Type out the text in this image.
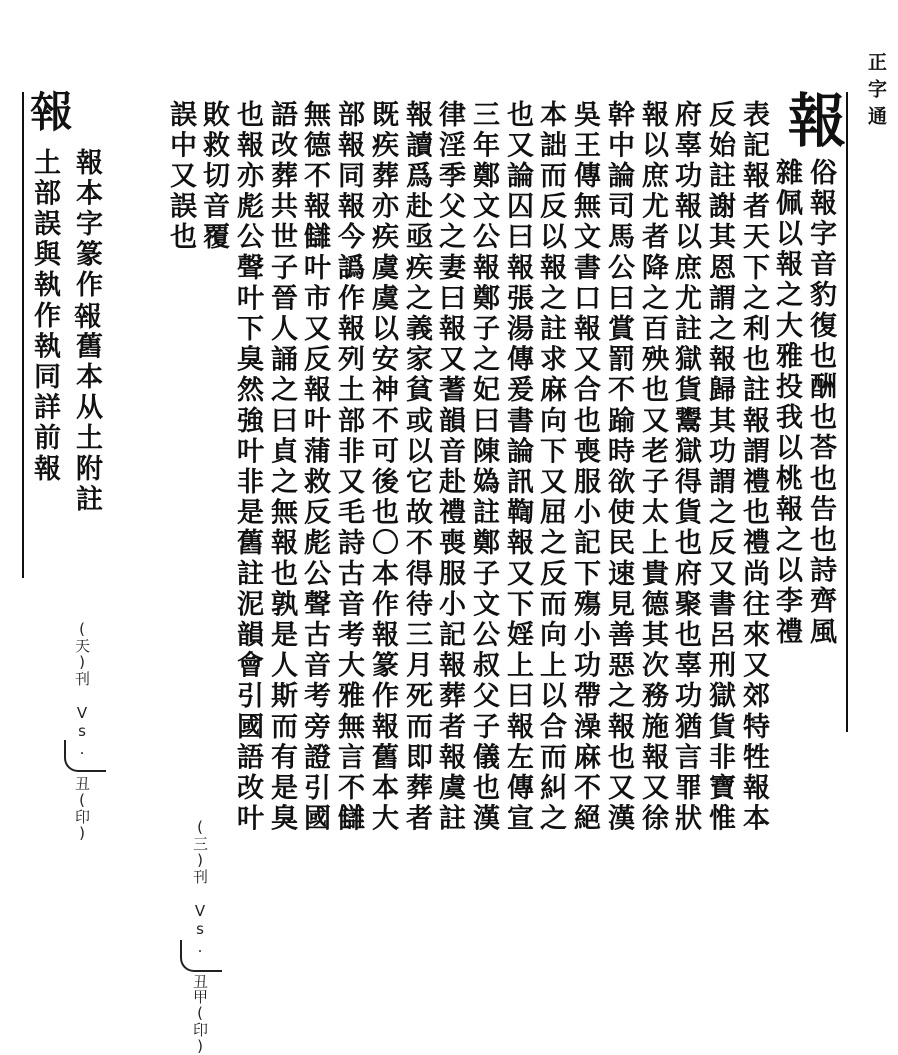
正字通
報
俗報字音豹復也酬也荅也告也詩齊風
雜佩以報之大雅投我以桃報之以李禮
表記報者天下之利也註報謂禮也禮尚往來又郊特牲報本
反始註謝其恩謂之報歸其功謂之反又書呂刑獄貨非寶惟
府辜功報以庶尤註獄貨鬻獄得貨也府聚也辜功猶言罪狀
報以庶尤者降之百殃也又老子太上貴德其次務施報又徐
幹中論司馬公曰賞罰不踰時欲使民速見善惡之報也又漢
吳王傳無文書口報又合也喪服小記下殤小功帶澡麻不絕
本詘而反以報之註求麻向下又屈之反而向上以合而糾之
也又論囚曰報張湯傳爰書論訊鞫報又下婬上曰報左傳宣
三年鄭文公報鄭子之妃曰陳媯註鄭子文公叔父子儀也漢
律淫季父之妻曰報又蓍韻音赴禮喪服小記報葬者報虞註
報讀爲赴亟疾之義家貧或以它故不得待三月死而即葬者
既疾葬亦疾虞虞以安神不可後也〇本作報篆作報舊本大
部報同報今譌作報列土部非又毛詩古音考大雅無言不讎
無德不報讎叶市又反報叶蒲救反彪公聲古音考旁證引國
語改葬共世子晉人誦之曰貞之無報也孰是人斯而有是臭
也報亦彪公聲叶下臭然強叶非是舊註泥韻會引國語改叶
敗救切音覆
誤中又誤也
𡙈
報本字篆作𡙈舊本从土附註
土部誤與執作執同詳前報
(天)刊 Vs. 丑(印)
(三)刊 Vs. 丑甲(印)
